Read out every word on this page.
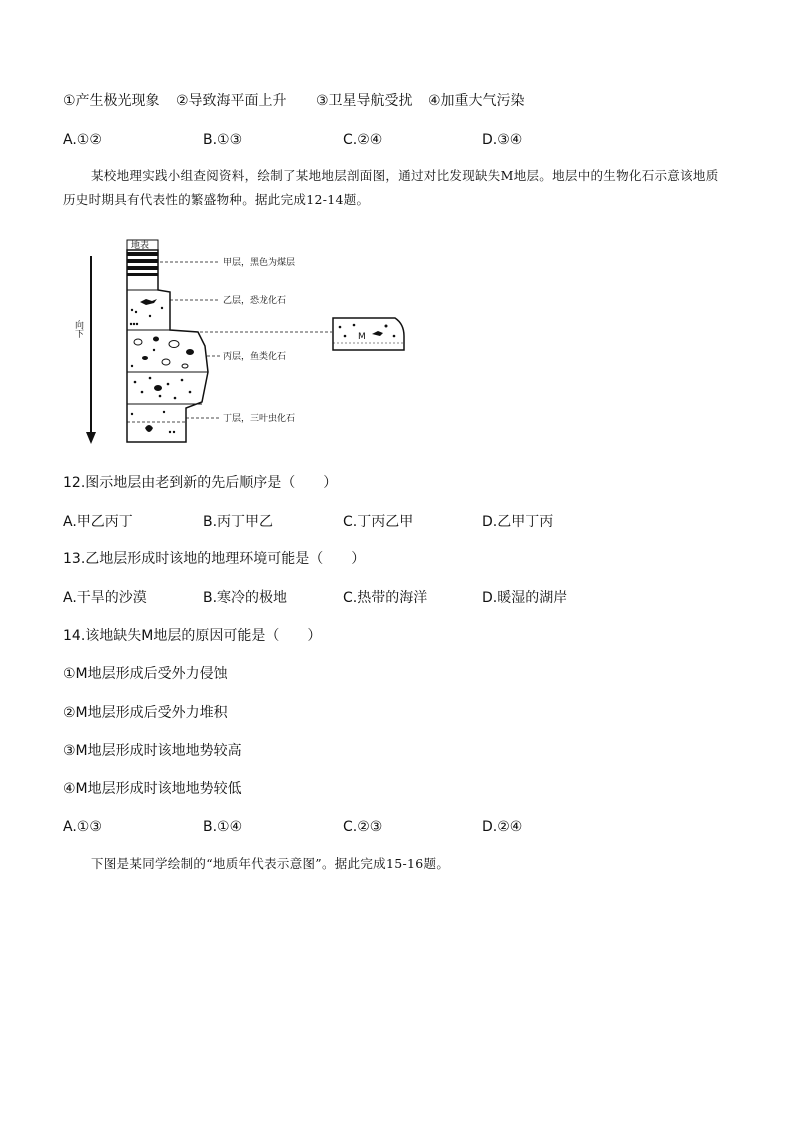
①产生极光现象 ②导致海平面上升 ③卫星导航受扰 ④加重大气污染
A.①②	B.①③	C.②④	D.③④
某校地理实践小组查阅资料，绘制了某地地层剖面图，通过对比发现缺失M地层。地层中的生物化石示意该地质历史时期具有代表性的繁盛物种。据此完成12-14题。
向下
地表
甲层，黑色为煤层
乙层，恐龙化石
丙层，鱼类化石
丁层，三叶虫化石
M
12.图示地层由老到新的先后顺序是（　　）
A.甲乙丙丁	B.丙丁甲乙	C.丁丙乙甲	D.乙甲丁丙
13.乙地层形成时该地的地理环境可能是（　　）
A.干旱的沙漠	B.寒冷的极地	C.热带的海洋	D.暖湿的湖岸
14.该地缺失M地层的原因可能是（　　）
①M地层形成后受外力侵蚀
②M地层形成后受外力堆积
③M地层形成时该地地势较高
④M地层形成时该地地势较低
A.①③	B.①④	C.②③	D.②④
下图是某同学绘制的“地质年代表示意图”。据此完成15-16题。
